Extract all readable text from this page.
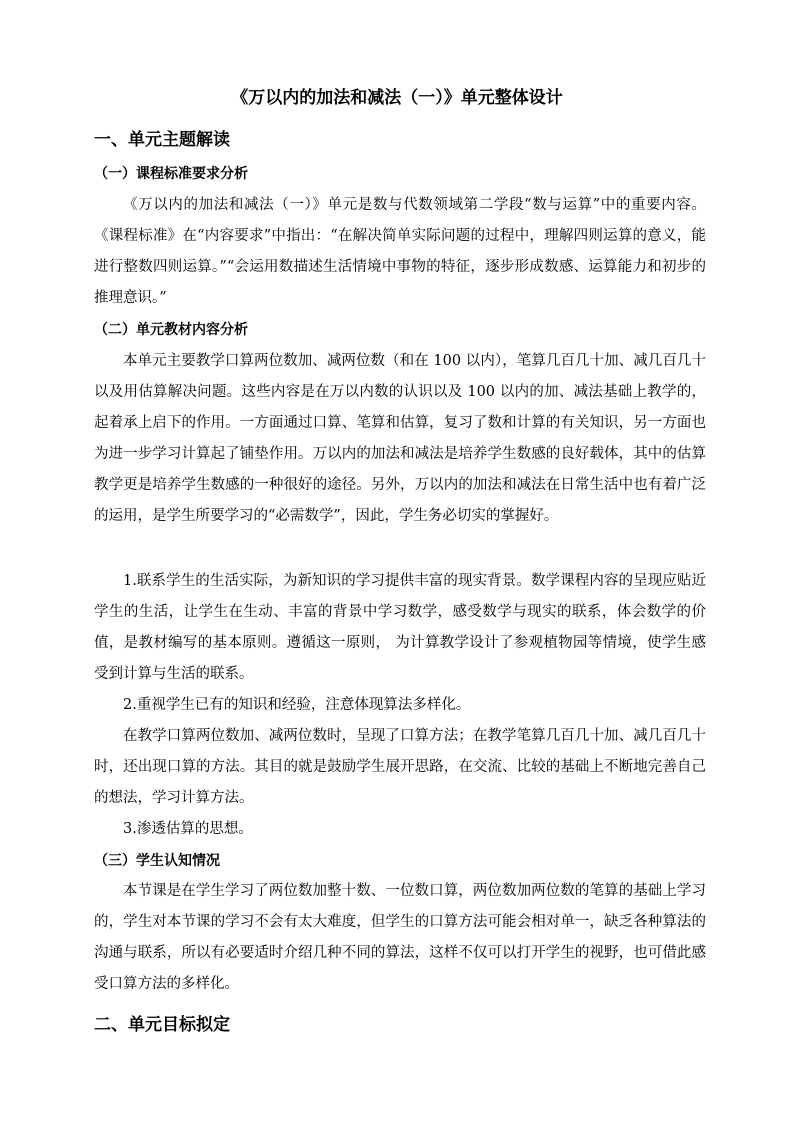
《万以内的加法和减法（一）》单元整体设计
一、单元主题解读
（一）课程标准要求分析

《万以内的加法和减法（一）》单元是数与代数领域第二学段“数与运算”中的重要内容。 《课程标准》在“内容要求”中指出：“在解决简单实际问题的过程中，理解四则运算的意义，能进行整数四则运算。”“会运用数描述生活情境中事物的特征，逐步形成数感、运算能力和初步的推理意识。”

（二）单元教材内容分析

本单元主要教学口算两位数加、减两位数（和在 100 以内），笔算几百几十加、减几百几十以及用估算解决问题。这些内容是在万以内数的认识以及 100 以内的加、减法基础上教学的，起着承上启下的作用。一方面通过口算、笔算和估算，复习了数和计算的有关知识，另一方面也为进一步学习计算起了铺垫作用。万以内的加法和减法是培养学生数感的良好载体，其中的估算教学更是培养学生数感的一种很好的途径。另外，万以内的加法和减法在日常生活中也有着广泛的运用，是学生所要学习的“必需数学”，因此，学生务必切实的掌握好。

1.联系学生的生活实际，为新知识的学习提供丰富的现实背景。数学课程内容的呈现应贴近学生的生活，让学生在生动、丰富的背景中学习数学，感受数学与现实的联系，体会数学的价值，是教材编写的基本原则。遵循这一原则， 为计算教学设计了参观植物园等情境，使学生感受到计算与生活的联系。

2.重视学生已有的知识和经验，注意体现算法多样化。

在教学口算两位数加、减两位数时，呈现了口算方法；在教学笔算几百几十加、减几百几十时，还出现口算的方法。其目的就是鼓励学生展开思路，在交流、比较的基础上不断地完善自己的想法，学习计算方法。

3.渗透估算的思想。

（三）学生认知情况

本节课是在学生学习了两位数加整十数、一位数口算，两位数加两位数的笔算的基础上学习的，学生对本节课的学习不会有太大难度，但学生的口算方法可能会相对单一，缺乏各种算法的沟通与联系，所以有必要适时介绍几种不同的算法，这样不仅可以打开学生的视野，也可借此感受口算方法的多样化。

二、单元目标拟定
